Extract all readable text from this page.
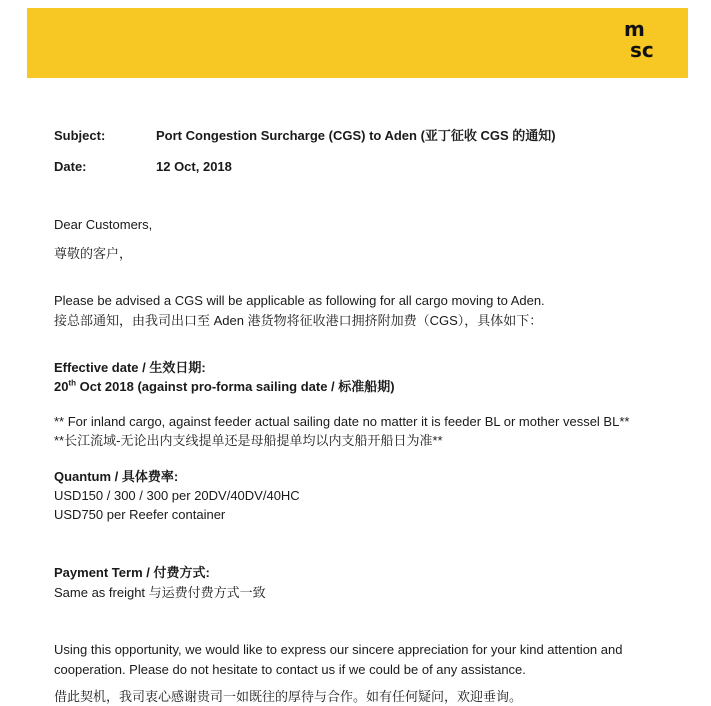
m
sc
Subject:	Port Congestion Surcharge (CGS) to Aden (亚丁征收 CGS 的通知)
Date:	12 Oct, 2018
Dear Customers,
尊敬的客户，
Please be advised a CGS will be applicable as following for all cargo moving to Aden.
接总部通知，由我司出口至 Aden 港货物将征收港口拥挤附加费（CGS），具体如下：
Effective date / 生效日期:
20th Oct 2018 (against pro-forma sailing date / 标准船期)
** For inland cargo, against feeder actual sailing date no matter it is feeder BL or mother vessel BL**
**长江流域-无论出内支线提单还是母船提单均以内支船开船日为准**
Quantum / 具体费率:
USD150 / 300 / 300 per 20DV/40DV/40HC
USD750 per Reefer container
Payment Term / 付费方式:
Same as freight 与运费付费方式一致
Using this opportunity, we would like to express our sincere appreciation for your kind attention and
cooperation. Please do not hesitate to contact us if we could be of any assistance.
借此契机，我司衷心感谢贵司一如既往的厚待与合作。如有任何疑问，欢迎垂询。
